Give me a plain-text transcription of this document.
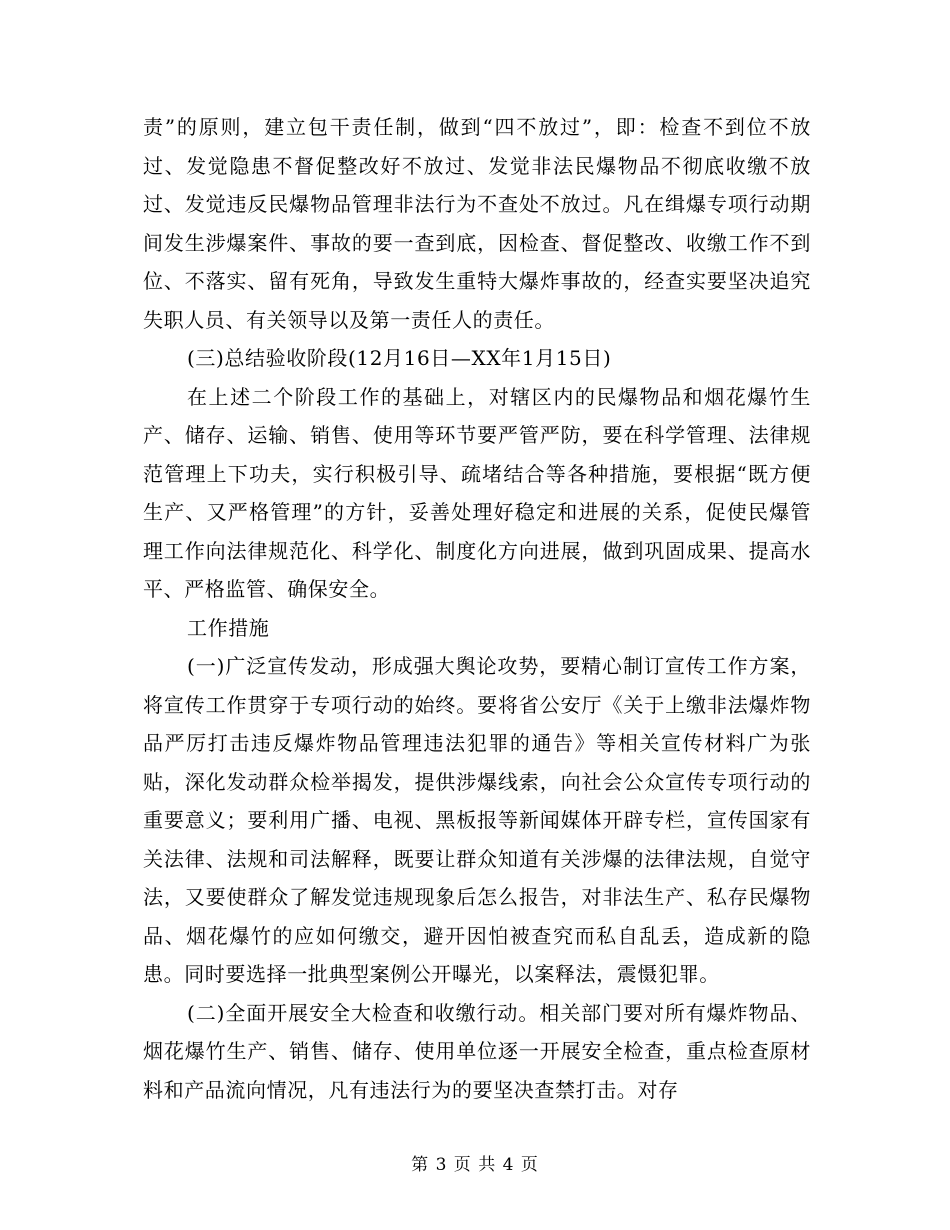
责”的原则，建立包干责任制，做到“四不放过”，即：检查不到位不放过、发觉隐患不督促整改好不放过、发觉非法民爆物品不彻底收缴不放过、发觉违反民爆物品管理非法行为不查处不放过。凡在缉爆专项行动期间发生涉爆案件、事故的要一查到底，因检查、督促整改、收缴工作不到位、不落实、留有死角，导致发生重特大爆炸事故的，经查实要坚决追究失职人员、有关领导以及第一责任人的责任。

(三)总结验收阶段(12月16日—XX年1月15日)

在上述二个阶段工作的基础上，对辖区内的民爆物品和烟花爆竹生产、储存、运输、销售、使用等环节要严管严防，要在科学管理、法律规范管理上下功夫，实行积极引导、疏堵结合等各种措施，要根据“既方便生产、又严格管理”的方针，妥善处理好稳定和进展的关系，促使民爆管理工作向法律规范化、科学化、制度化方向进展，做到巩固成果、提高水平、严格监管、确保安全。

工作措施

(一)广泛宣传发动，形成强大舆论攻势，要精心制订宣传工作方案，将宣传工作贯穿于专项行动的始终。要将省公安厅《关于上缴非法爆炸物品严厉打击违反爆炸物品管理违法犯罪的通告》等相关宣传材料广为张贴，深化发动群众检举揭发，提供涉爆线索，向社会公众宣传专项行动的重要意义；要利用广播、电视、黑板报等新闻媒体开辟专栏，宣传国家有关法律、法规和司法解释，既要让群众知道有关涉爆的法律法规，自觉守法，又要使群众了解发觉违规现象后怎么报告，对非法生产、私存民爆物品、烟花爆竹的应如何缴交，避开因怕被查究而私自乱丢，造成新的隐患。同时要选择一批典型案例公开曝光，以案释法，震慑犯罪。

(二)全面开展安全大检查和收缴行动。相关部门要对所有爆炸物品、烟花爆竹生产、销售、储存、使用单位逐一开展安全检查，重点检查原材料和产品流向情况，凡有违法行为的要坚决查禁打击。对存

第 3 页 共 4 页
